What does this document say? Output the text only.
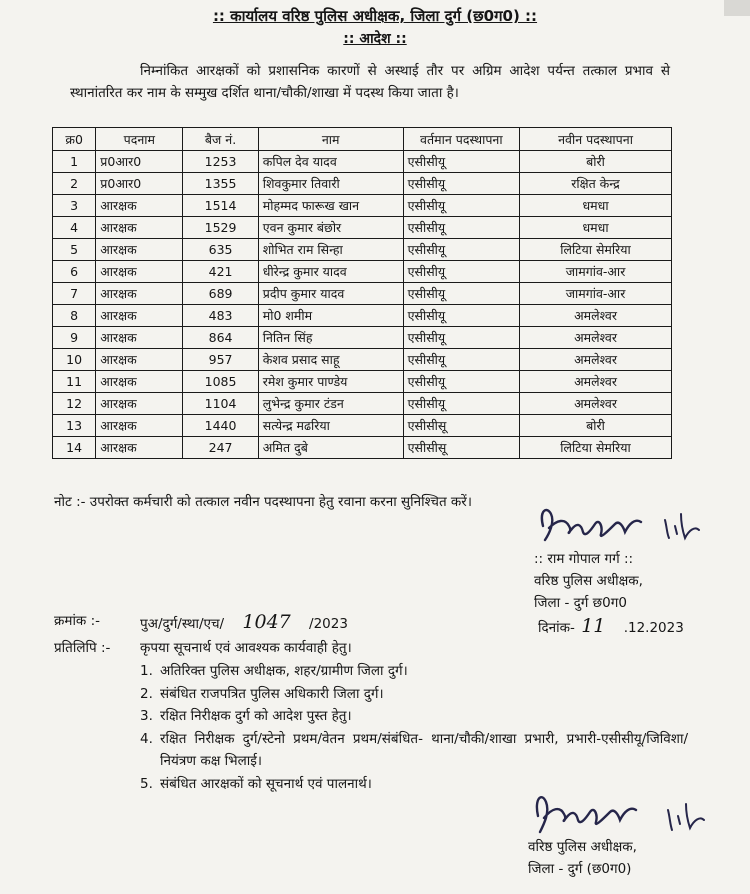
:: कार्यालय वरिष्ठ पुलिस अधीक्षक, जिला दुर्ग (छ0ग0) ::
:: आदेश ::
निम्नांकित आरक्षकों को प्रशासनिक कारणों से अस्थाई तौर पर अग्रिम आदेश पर्यन्त तत्काल प्रभाव से स्थानांतरित कर नाम के सम्मुख दर्शित थाना/चौकी/शाखा में पदस्थ किया जाता है।
क्र0	पदनाम	बैज नं.	नाम	वर्तमान पदस्थापना	नवीन पदस्थापना
1	प्र0आर0	1253	कपिल देव यादव	एसीसीयू	बोरी
2	प्र0आर0	1355	शिवकुमार तिवारी	एसीसीयू	रक्षित केन्द्र
3	आरक्षक	1514	मोहम्मद फारूख खान	एसीसीयू	धमधा
4	आरक्षक	1529	एवन कुमार बंछोर	एसीसीयू	धमधा
5	आरक्षक	635	शोभित राम सिन्हा	एसीसीयू	लिटिया सेमरिया
6	आरक्षक	421	धीरेन्द्र कुमार यादव	एसीसीयू	जामगांव-आर
7	आरक्षक	689	प्रदीप कुमार यादव	एसीसीयू	जामगांव-आर
8	आरक्षक	483	मो0 शमीम	एसीसीयू	अमलेश्वर
9	आरक्षक	864	नितिन सिंह	एसीसीयू	अमलेश्वर
10	आरक्षक	957	केशव प्रसाद साहू	एसीसीयू	अमलेश्वर
11	आरक्षक	1085	रमेश कुमार पाण्डेय	एसीसीयू	अमलेश्वर
12	आरक्षक	1104	लुभेन्द्र कुमार टंडन	एसीसीयू	अमलेश्वर
13	आरक्षक	1440	सत्येन्द्र मढरिया	एसीसीसू	बोरी
14	आरक्षक	247	अमित दुबे	एसीसीसू	लिटिया सेमरिया
नोट :- उपरोक्त कर्मचारी को तत्काल नवीन पदस्थापना हेतु रवाना करना सुनिश्चित करें।
:: राम गोपाल गर्ग ::
वरिष्ठ पुलिस अधीक्षक,
जिला - दुर्ग छ0ग0
क्रमांक :-	पुअ/दुर्ग/स्था/एच/ 1047 /2023	दिनांक- 11 .12.2023
प्रतिलिपि :- कृपया सूचनार्थ एवं आवश्यक कार्यवाही हेतु।
1. अतिरिक्त पुलिस अधीक्षक, शहर/ग्रामीण जिला दुर्ग।
2. संबंधित राजपत्रित पुलिस अधिकारी जिला दुर्ग।
3. रक्षित निरीक्षक दुर्ग को आदेश पुस्त हेतु।
4. रक्षित निरीक्षक दुर्ग/स्टेनो प्रथम/वेतन प्रथम/संबंधित- थाना/चौकी/शाखा प्रभारी, प्रभारी-एसीसीयू/जिविशा/नियंत्रण कक्ष भिलाई।
5. संबंधित आरक्षकों को सूचनार्थ एवं पालनार्थ।
वरिष्ठ पुलिस अधीक्षक,
जिला - दुर्ग (छ0ग0)
